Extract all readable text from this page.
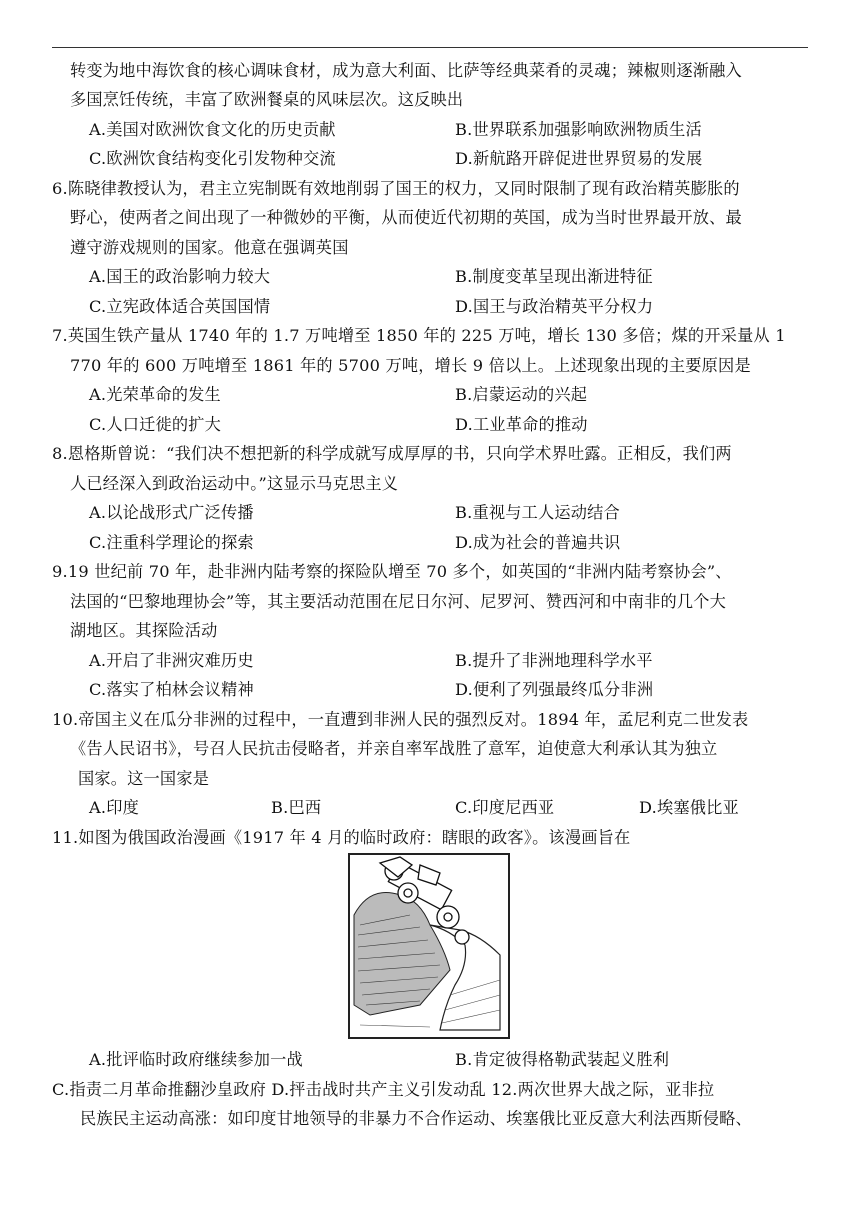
转变为地中海饮食的核心调味食材，成为意大利面、比萨等经典菜肴的灵魂；辣椒则逐渐融入
多国烹饪传统，丰富了欧洲餐桌的风味层次。这反映出
A.美国对欧洲饮食文化的历史贡献	B.世界联系加强影响欧洲物质生活
C.欧洲饮食结构变化引发物种交流	D.新航路开辟促进世界贸易的发展
6.陈晓律教授认为，君主立宪制既有效地削弱了国王的权力，又同时限制了现有政治精英膨胀的
野心，使两者之间出现了一种微妙的平衡，从而使近代初期的英国，成为当时世界最开放、最
遵守游戏规则的国家。他意在强调英国
A.国王的政治影响力较大	B.制度变革呈现出渐进特征
C.立宪政体适合英国国情	D.国王与政治精英平分权力
7.英国生铁产量从 1740 年的 1.7 万吨增至 1850 年的 225 万吨，增长 130 多倍；煤的开采量从 1
770 年的 600 万吨增至 1861 年的 5700 万吨，增长 9 倍以上。上述现象出现的主要原因是
A.光荣革命的发生	B.启蒙运动的兴起
C.人口迁徙的扩大	D.工业革命的推动
8.恩格斯曾说：“我们决不想把新的科学成就写成厚厚的书，只向学术界吐露。正相反，我们两
人已经深入到政治运动中。”这显示马克思主义
A.以论战形式广泛传播	B.重视与工人运动结合
C.注重科学理论的探索	D.成为社会的普遍共识
9.19 世纪前 70 年，赴非洲内陆考察的探险队增至 70 多个，如英国的“非洲内陆考察协会”、
法国的“巴黎地理协会”等，其主要活动范围在尼日尔河、尼罗河、赞西河和中南非的几个大
湖地区。其探险活动
A.开启了非洲灾难历史	B.提升了非洲地理科学水平
C.落实了柏林会议精神	D.便利了列强最终瓜分非洲
10.帝国主义在瓜分非洲的过程中，一直遭到非洲人民的强烈反对。1894 年，孟尼利克二世发表
《告人民诏书》，号召人民抗击侵略者，并亲自率军战胜了意军，迫使意大利承认其为独立
国家。这一国家是
A.印度	B.巴西	C.印度尼西亚	D.埃塞俄比亚
11.如图为俄国政治漫画《1917 年 4 月的临时政府：瞎眼的政客》。该漫画旨在
A.批评临时政府继续参加一战	B.肯定彼得格勒武装起义胜利
C.指责二月革命推翻沙皇政府 D.抨击战时共产主义引发动乱 12.两次世界大战之际，亚非拉
民族民主运动高涨：如印度甘地领导的非暴力不合作运动、埃塞俄比亚反意大利法西斯侵略、
